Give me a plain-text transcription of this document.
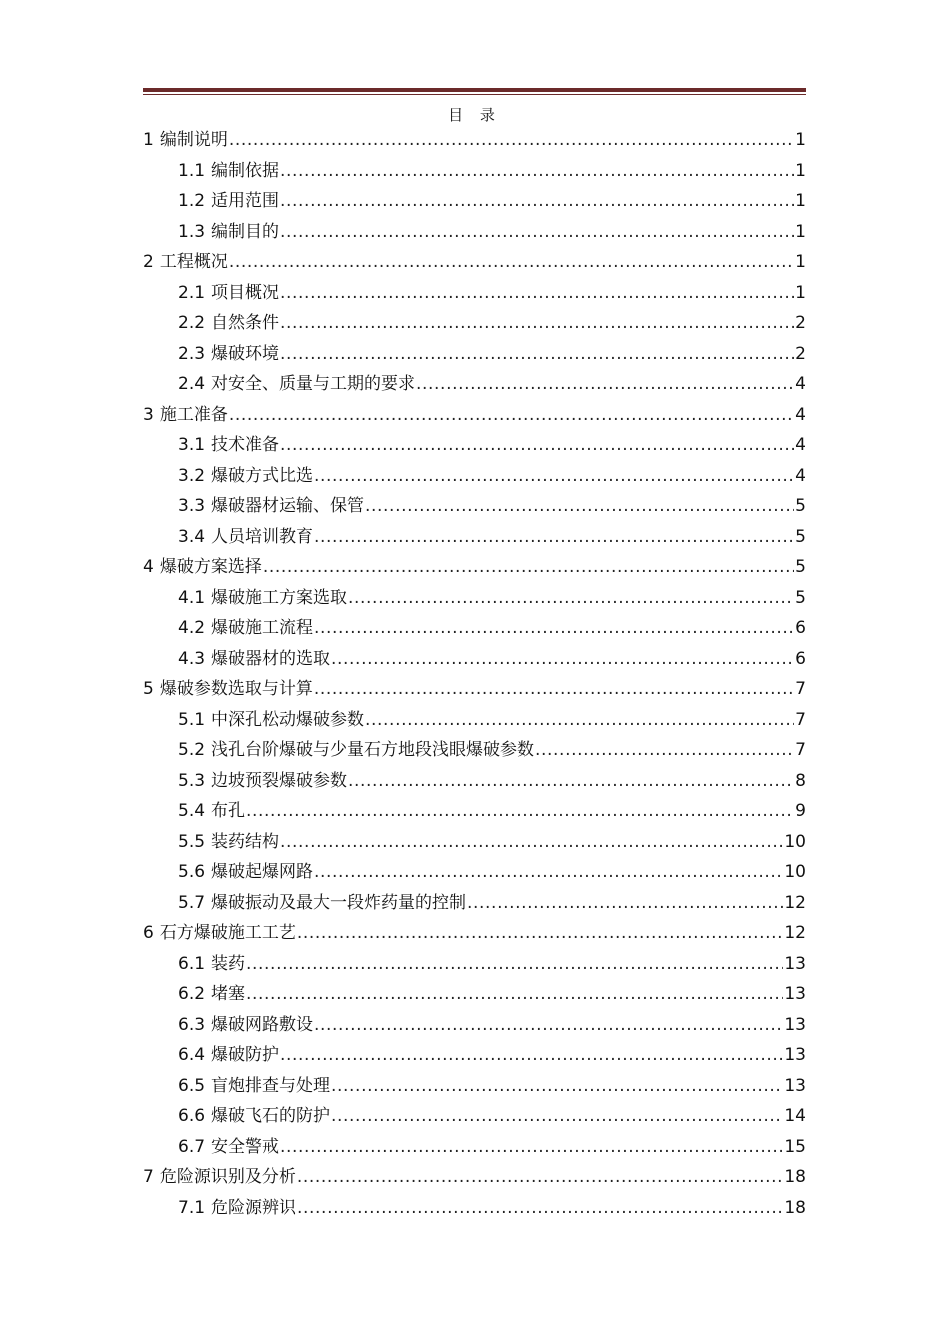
目 录
1 编制说明 .....	1
1.1 编制依据 .....	1
1.2 适用范围 .....	1
1.3 编制目的 .....	1
2 工程概况 .....	1
2.1 项目概况 .....	1
2.2 自然条件 .....	2
2.3 爆破环境 .....	2
2.4 对安全、质量与工期的要求 .....	4
3 施工准备 .....	4
3.1 技术准备 .....	4
3.2 爆破方式比选 .....	4
3.3 爆破器材运输、保管 .....	5
3.4 人员培训教育 .....	5
4 爆破方案选择 .....	5
4.1 爆破施工方案选取 .....	5
4.2 爆破施工流程 .....	6
4.3 爆破器材的选取 .....	6
5 爆破参数选取与计算 .....	7
5.1 中深孔松动爆破参数 .....	7
5.2 浅孔台阶爆破与少量石方地段浅眼爆破参数 .....	7
5.3 边坡预裂爆破参数 .....	8
5.4 布孔 .....	9
5.5 装药结构 .....	10
5.6 爆破起爆网路 .....	10
5.7 爆破振动及最大一段炸药量的控制 .....	12
6 石方爆破施工工艺 .....	12
6.1 装药 .....	13
6.2 堵塞 .....	13
6.3 爆破网路敷设 .....	13
6.4 爆破防护 .....	13
6.5 盲炮排查与处理 .....	13
6.6 爆破飞石的防护 .....	14
6.7 安全警戒 .....	15
7 危险源识别及分析 .....	18
7.1 危险源辨识 .....	18
